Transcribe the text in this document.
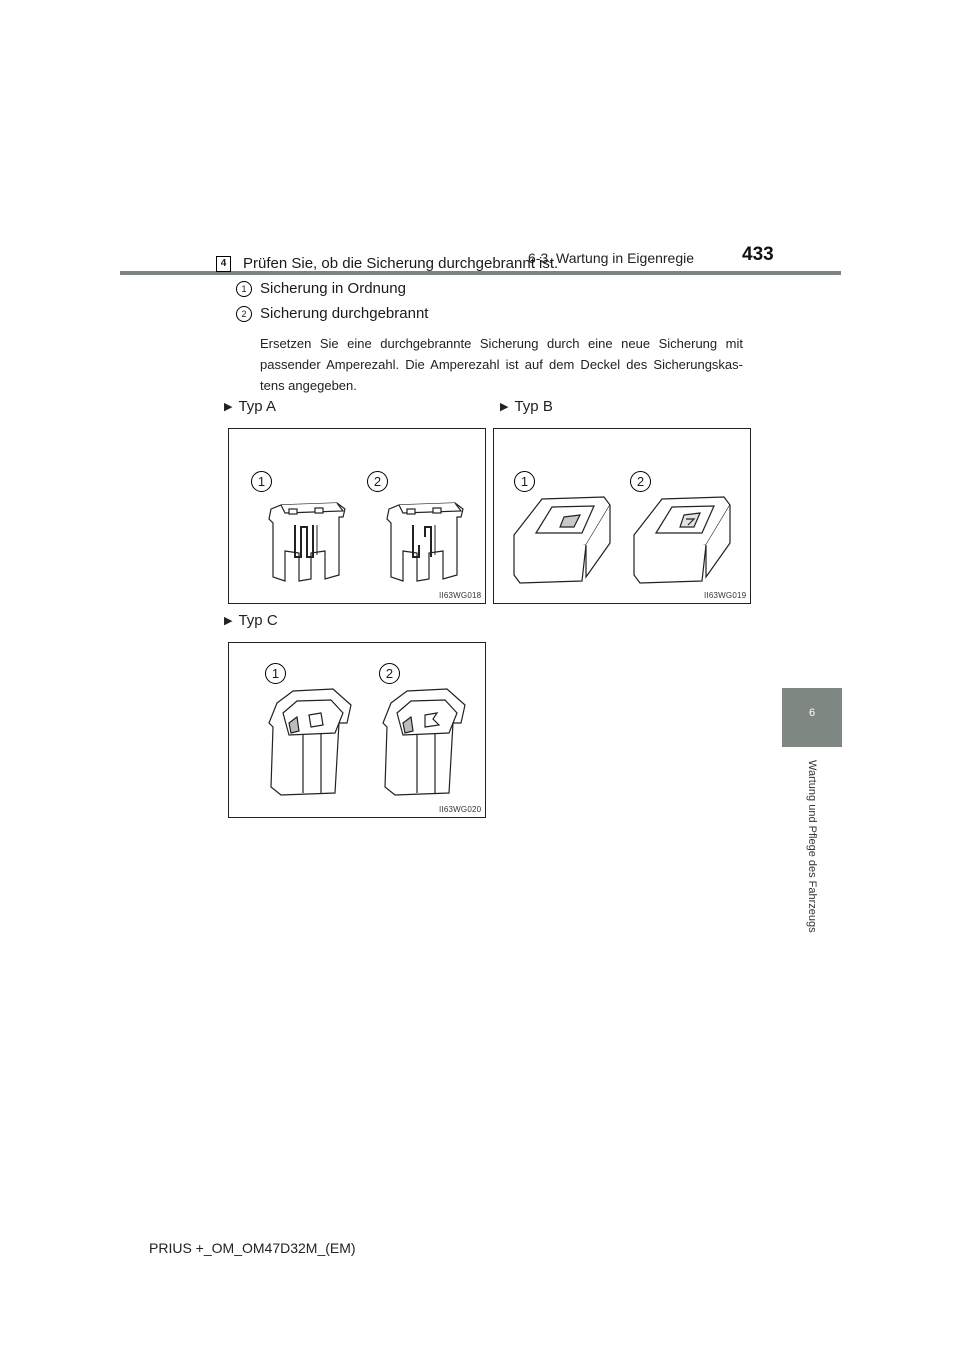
6-3. Wartung in Eigenregie	433
4	Prüfen Sie, ob die Sicherung durchgebrannt ist.
1 Sicherung in Ordnung
2 Sicherung durchgebrannt
Ersetzen Sie eine durchgebrannte Sicherung durch eine neue Sicherung mit passender Amperezahl. Die Amperezahl ist auf dem Deckel des Sicherungskas-tens angegeben.
▶ Typ A	▶ Typ B
▶ Typ C
1	2
II63WG018
1	2
II63WG019
1	2
II63WG020
6
Wartung und Pflege des Fahrzeugs
PRIUS +_OM_OM47D32M_(EM)
